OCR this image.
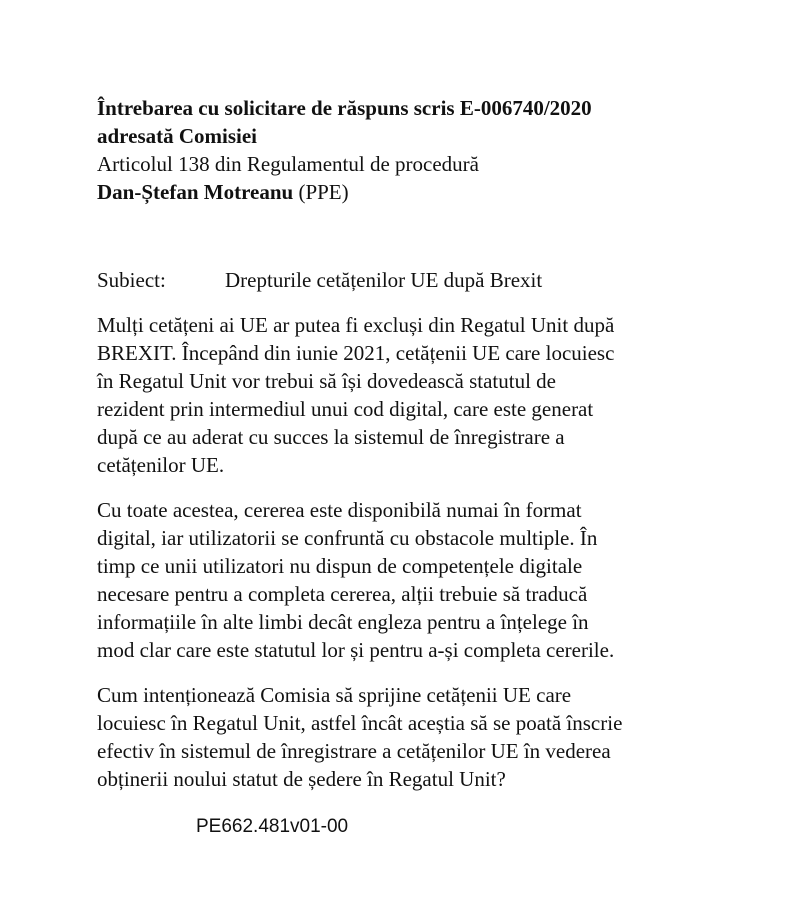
Întrebarea cu solicitare de răspuns scris E-006740/2020

adresată Comisiei

Articolul 138 din Regulamentul de procedură

Dan-Ștefan Motreanu (PPE)

Subiect:	Drepturile cetățenilor UE după Brexit

Mulți cetățeni ai UE ar putea fi excluși din Regatul Unit după
BREXIT. Începând din iunie 2021, cetățenii UE care locuiesc
în Regatul Unit vor trebui să își dovedească statutul de
rezident prin intermediul unui cod digital, care este generat
după ce au aderat cu succes la sistemul de înregistrare a
cetățenilor UE.

Cu toate acestea, cererea este disponibilă numai în format
digital, iar utilizatorii se confruntă cu obstacole multiple. În
timp ce unii utilizatori nu dispun de competențele digitale
necesare pentru a completa cererea, alții trebuie să traducă
informațiile în alte limbi decât engleza pentru a înțelege în
mod clar care este statutul lor și pentru a-și completa cererile.

Cum intenționează Comisia să sprijine cetățenii UE care
locuiesc în Regatul Unit, astfel încât aceștia să se poată înscrie
efectiv în sistemul de înregistrare a cetățenilor UE în vederea
obținerii noului statut de ședere în Regatul Unit?

PE662.481v01-00
